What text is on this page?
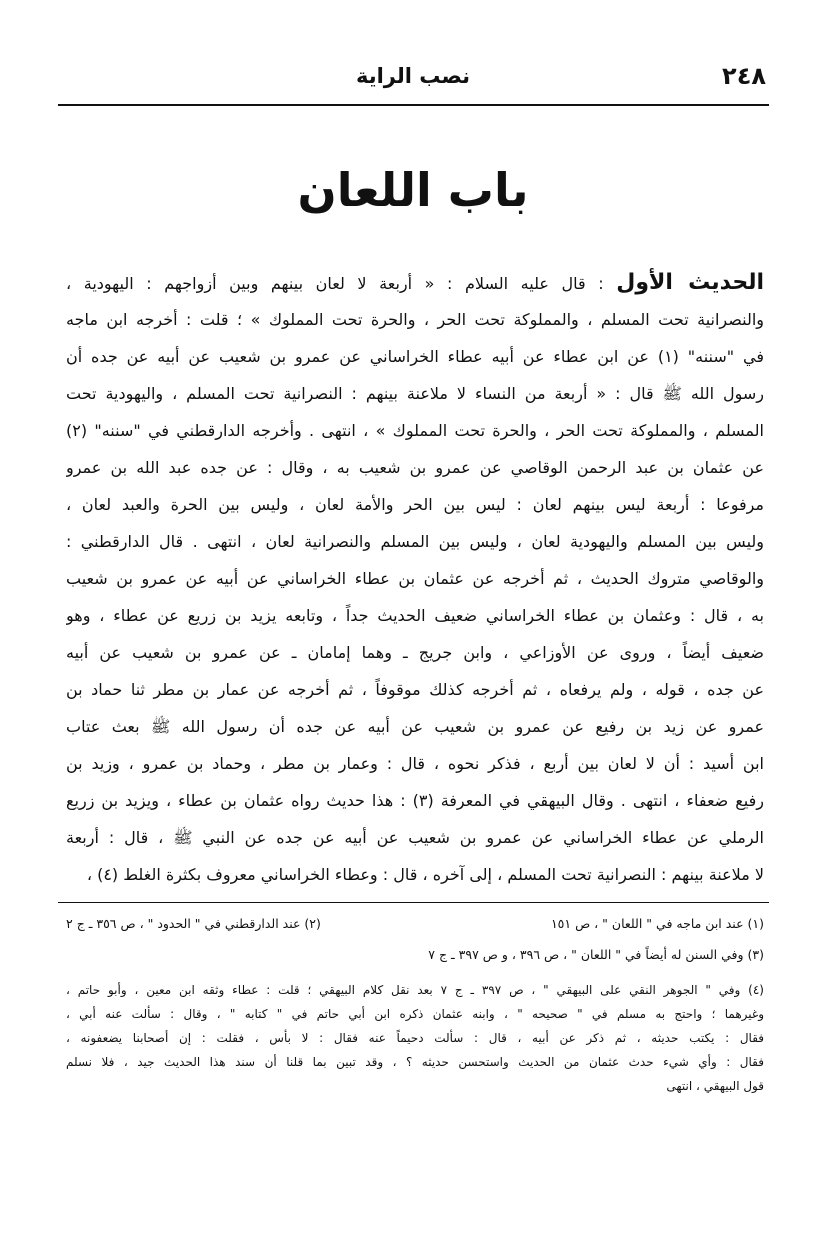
٢٤٨
نصب الراية
باب اللعان
الحديث الأول : قال عليه السلام : « أربعة لا لعان بينهم وبين أزواجهم : اليهودية ،
والنصرانية تحت المسلم ، والمملوكة تحت الحر ، والحرة تحت المملوك » ؛ قلت : أخرجه ابن ماجه
في "سننه" (١) عن ابن عطاء عن أبيه عطاء الخراساني عن عمرو بن شعيب عن أبيه عن جده أن
رسول الله ﷺ قال : « أربعة من النساء لا ملاعنة بينهم : النصرانية تحت المسلم ، واليهودية تحت
المسلم ، والمملوكة تحت الحر ، والحرة تحت المملوك » ، انتهى . وأخرجه الدارقطني في "سننه" (٢)
عن عثمان بن عبد الرحمن الوقاصي عن عمرو بن شعيب به ، وقال : عن جده عبد الله بن عمرو
مرفوعا : أربعة ليس بينهم لعان : ليس بين الحر والأمة لعان ، وليس بين الحرة والعبد لعان ،
وليس بين المسلم واليهودية لعان ، وليس بين المسلم والنصرانية لعان ، انتهى . قال الدارقطني :
والوقاصي متروك الحديث ، ثم أخرجه عن عثمان بن عطاء الخراساني عن أبيه عن عمرو بن شعيب
به ، قال : وعثمان بن عطاء الخراساني ضعيف الحديث جداً ، وتابعه يزيد بن زريع عن عطاء ، وهو
ضعيف أيضاً ، وروى عن الأوزاعي ، وابن جريج ـ وهما إمامان ـ عن عمرو بن شعيب عن أبيه
عن جده ، قوله ، ولم يرفعاه ، ثم أخرجه كذلك موقوفاً ، ثم أخرجه عن عمار بن مطر ثنا حماد بن
عمرو عن زيد بن رفيع عن عمرو بن شعيب عن أبيه عن جده أن رسول الله ﷺ بعث عتاب
ابن أسيد : أن لا لعان بين أربع ، فذكر نحوه ، قال : وعمار بن مطر ، وحماد بن عمرو ، وزيد بن
رفيع ضعفاء ، انتهى . وقال البيهقي في المعرفة (٣) : هذا حديث رواه عثمان بن عطاء ، ويزيد بن زريع
الرملي عن عطاء الخراساني عن عمرو بن شعيب عن أبيه عن جده عن النبي ﷺ ، قال : أربعة
لا ملاعنة بينهم : النصرانية تحت المسلم ، إلى آخره ، قال : وعطاء الخراساني معروف بكثرة الغلط (٤) ،
(١) عند ابن ماجه في " اللعان " ، ص ١٥١
(٢) عند الدارقطني في " الحدود " ، ص ٣٥٦ ـ ج ٢
(٣) وفي السنن له أيضاً في " اللعان " ، ص ٣٩٦ ، و ص ٣٩٧ ـ ج ٧
(٤) وفي " الجوهر النقي على البيهقي " ، ص ٣٩٧ ـ ج ٧ بعد نقل كلام البيهقي ؛ قلت : عطاء وثقه ابن معين ، وأبو حاتم ،
وغيرهما ؛ واحتج به مسلم في " صحيحه " ، وابنه عثمان ذكره ابن أبي حاتم في " كتابه " ، وقال : سألت عنه أبي ،
فقال : يكتب حديثه ، ثم ذكر عن أبيه ، قال : سألت دحيماً عنه فقال : لا بأس ، فقلت : إن أصحابنا يضعفونه ،
فقال : وأي شيء حدث عثمان من الحديث واستحسن حديثه ؟ ، وقد تبين بما قلنا أن سند هذا الحديث جيد ، فلا نسلم
قول البيهقي ، انتهى
